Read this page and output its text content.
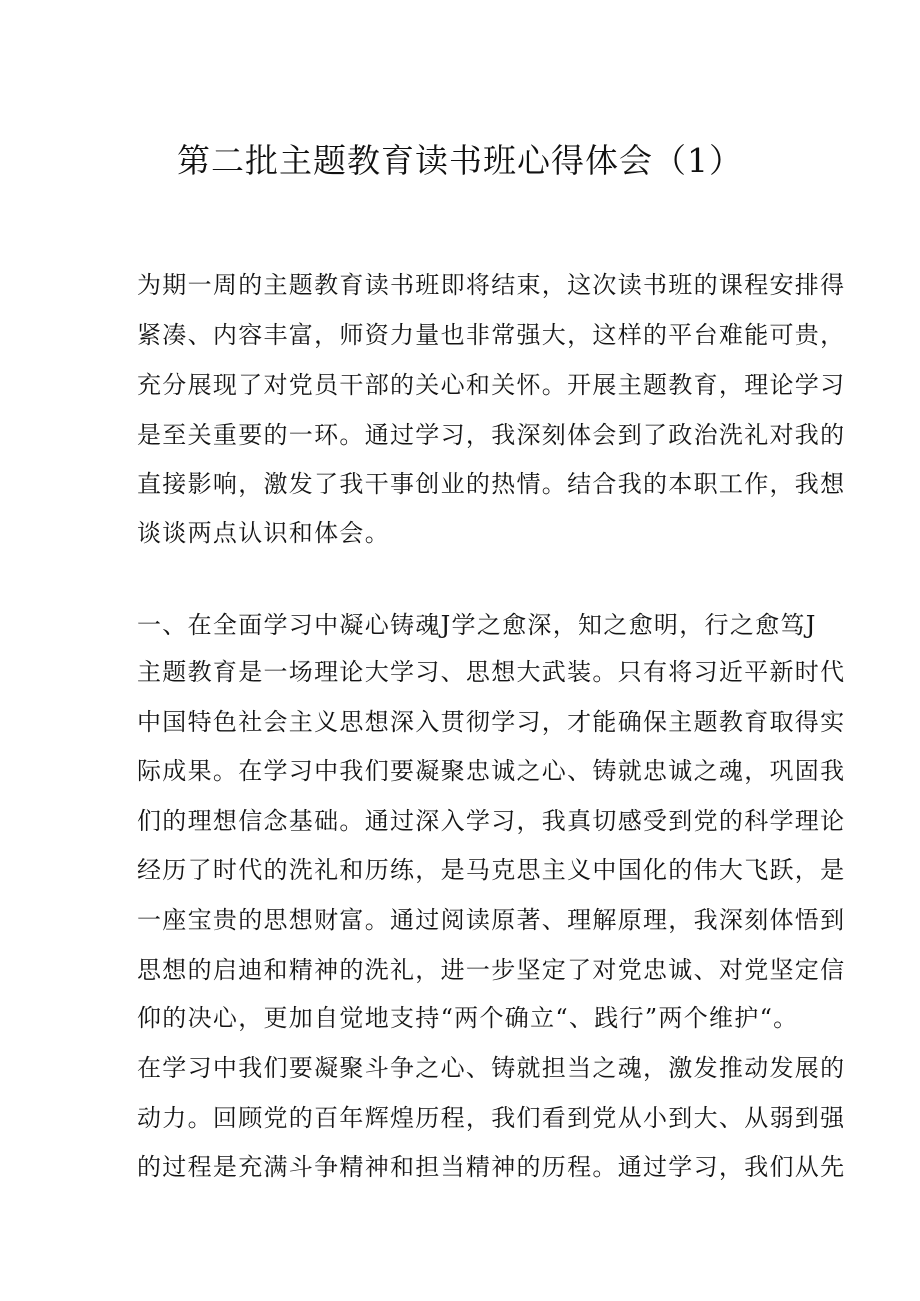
第二批主题教育读书班心得体会（1）

为期一周的主题教育读书班即将结束，这次读书班的课程安排得

紧凑、内容丰富，师资力量也非常强大，这样的平台难能可贵，

充分展现了对党员干部的关心和关怀。开展主题教育，理论学习

是至关重要的一环。通过学习，我深刻体会到了政治洗礼对我的

直接影响，激发了我干事创业的热情。结合我的本职工作，我想

谈谈两点认识和体会。

一、在全面学习中凝心铸魂J学之愈深，知之愈明，行之愈笃J

主题教育是一场理论大学习、思想大武装。只有将习近平新时代

中国特色社会主义思想深入贯彻学习，才能确保主题教育取得实

际成果。在学习中我们要凝聚忠诚之心、铸就忠诚之魂，巩固我

们的理想信念基础。通过深入学习，我真切感受到党的科学理论

经历了时代的洗礼和历练，是马克思主义中国化的伟大飞跃，是

一座宝贵的思想财富。通过阅读原著、理解原理，我深刻体悟到

思想的启迪和精神的洗礼，进一步坚定了对党忠诚、对党坚定信

仰的决心，更加自觉地支持“两个确立“、践行”两个维护“。

在学习中我们要凝聚斗争之心、铸就担当之魂，激发推动发展的

动力。回顾党的百年辉煌历程，我们看到党从小到大、从弱到强

的过程是充满斗争精神和担当精神的历程。通过学习，我们从先
